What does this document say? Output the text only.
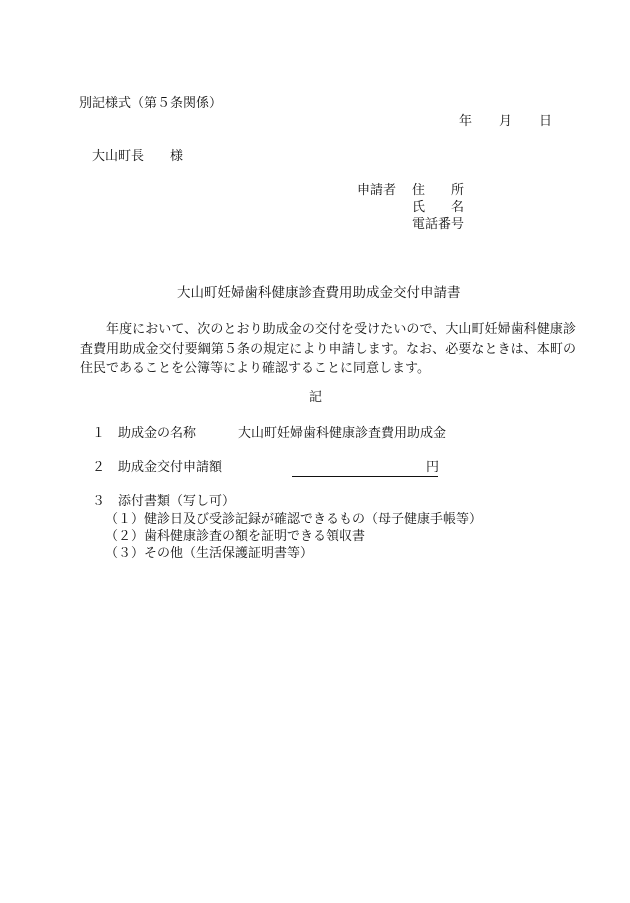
別記様式（第５条関係）
年 月 日
大山町長　　様
申請者 住　　所
氏　　名
電話番号
大山町妊婦歯科健康診査費用助成金交付申請書
年度において、次のとおり助成金の交付を受けたいので、大山町妊婦歯科健康診査費用助成金交付要綱第５条の規定により申請します。なお、必要なときは、本町の住民であることを公簿等により確認することに同意します。
記
１ 助成金の名称	大山町妊婦歯科健康診査費用助成金
２ 助成金交付申請額	円
３ 添付書類（写し可）
（１）健診日及び受診記録が確認できるもの（母子健康手帳等）
（２）歯科健康診査の額を証明できる領収書
（３）その他（生活保護証明書等）
